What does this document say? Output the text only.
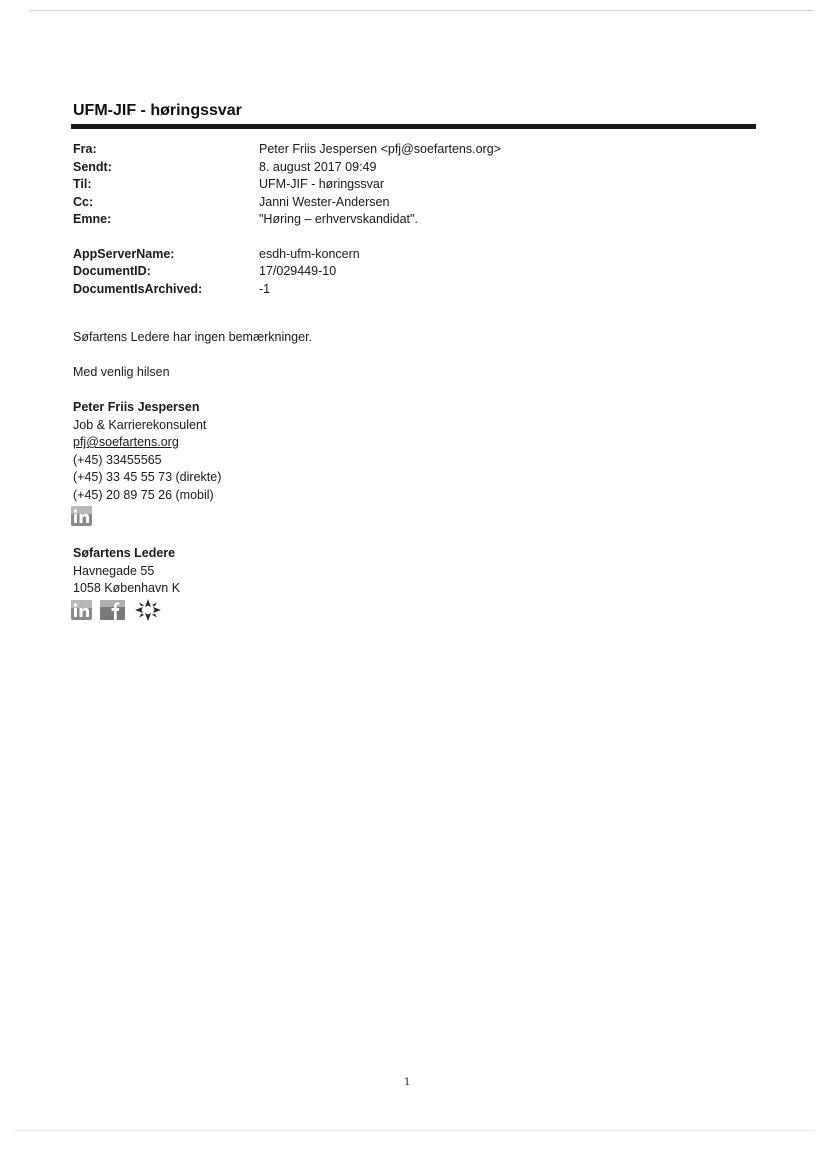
UFM-JIF - høringssvar
Fra:	Peter Friis Jespersen <pfj@soefartens.org>
Sendt:	8. august 2017 09:49
Til:	UFM-JIF - høringssvar
Cc:	Janni Wester-Andersen
Emne:	"Høring – erhvervskandidat".

AppServerName:	esdh-ufm-koncern
DocumentID:	17/029449-10
DocumentIsArchived:	-1
Søfartens Ledere har ingen bemærkninger.
Med venlig hilsen
Peter Friis Jespersen
Job & Karrierekonsulent
pfj@soefartens.org
(+45) 33455565
(+45) 33 45 55 73 (direkte)
(+45) 20 89 75 26 (mobil)
Søfartens Ledere
Havnegade 55
1058 København K
1
